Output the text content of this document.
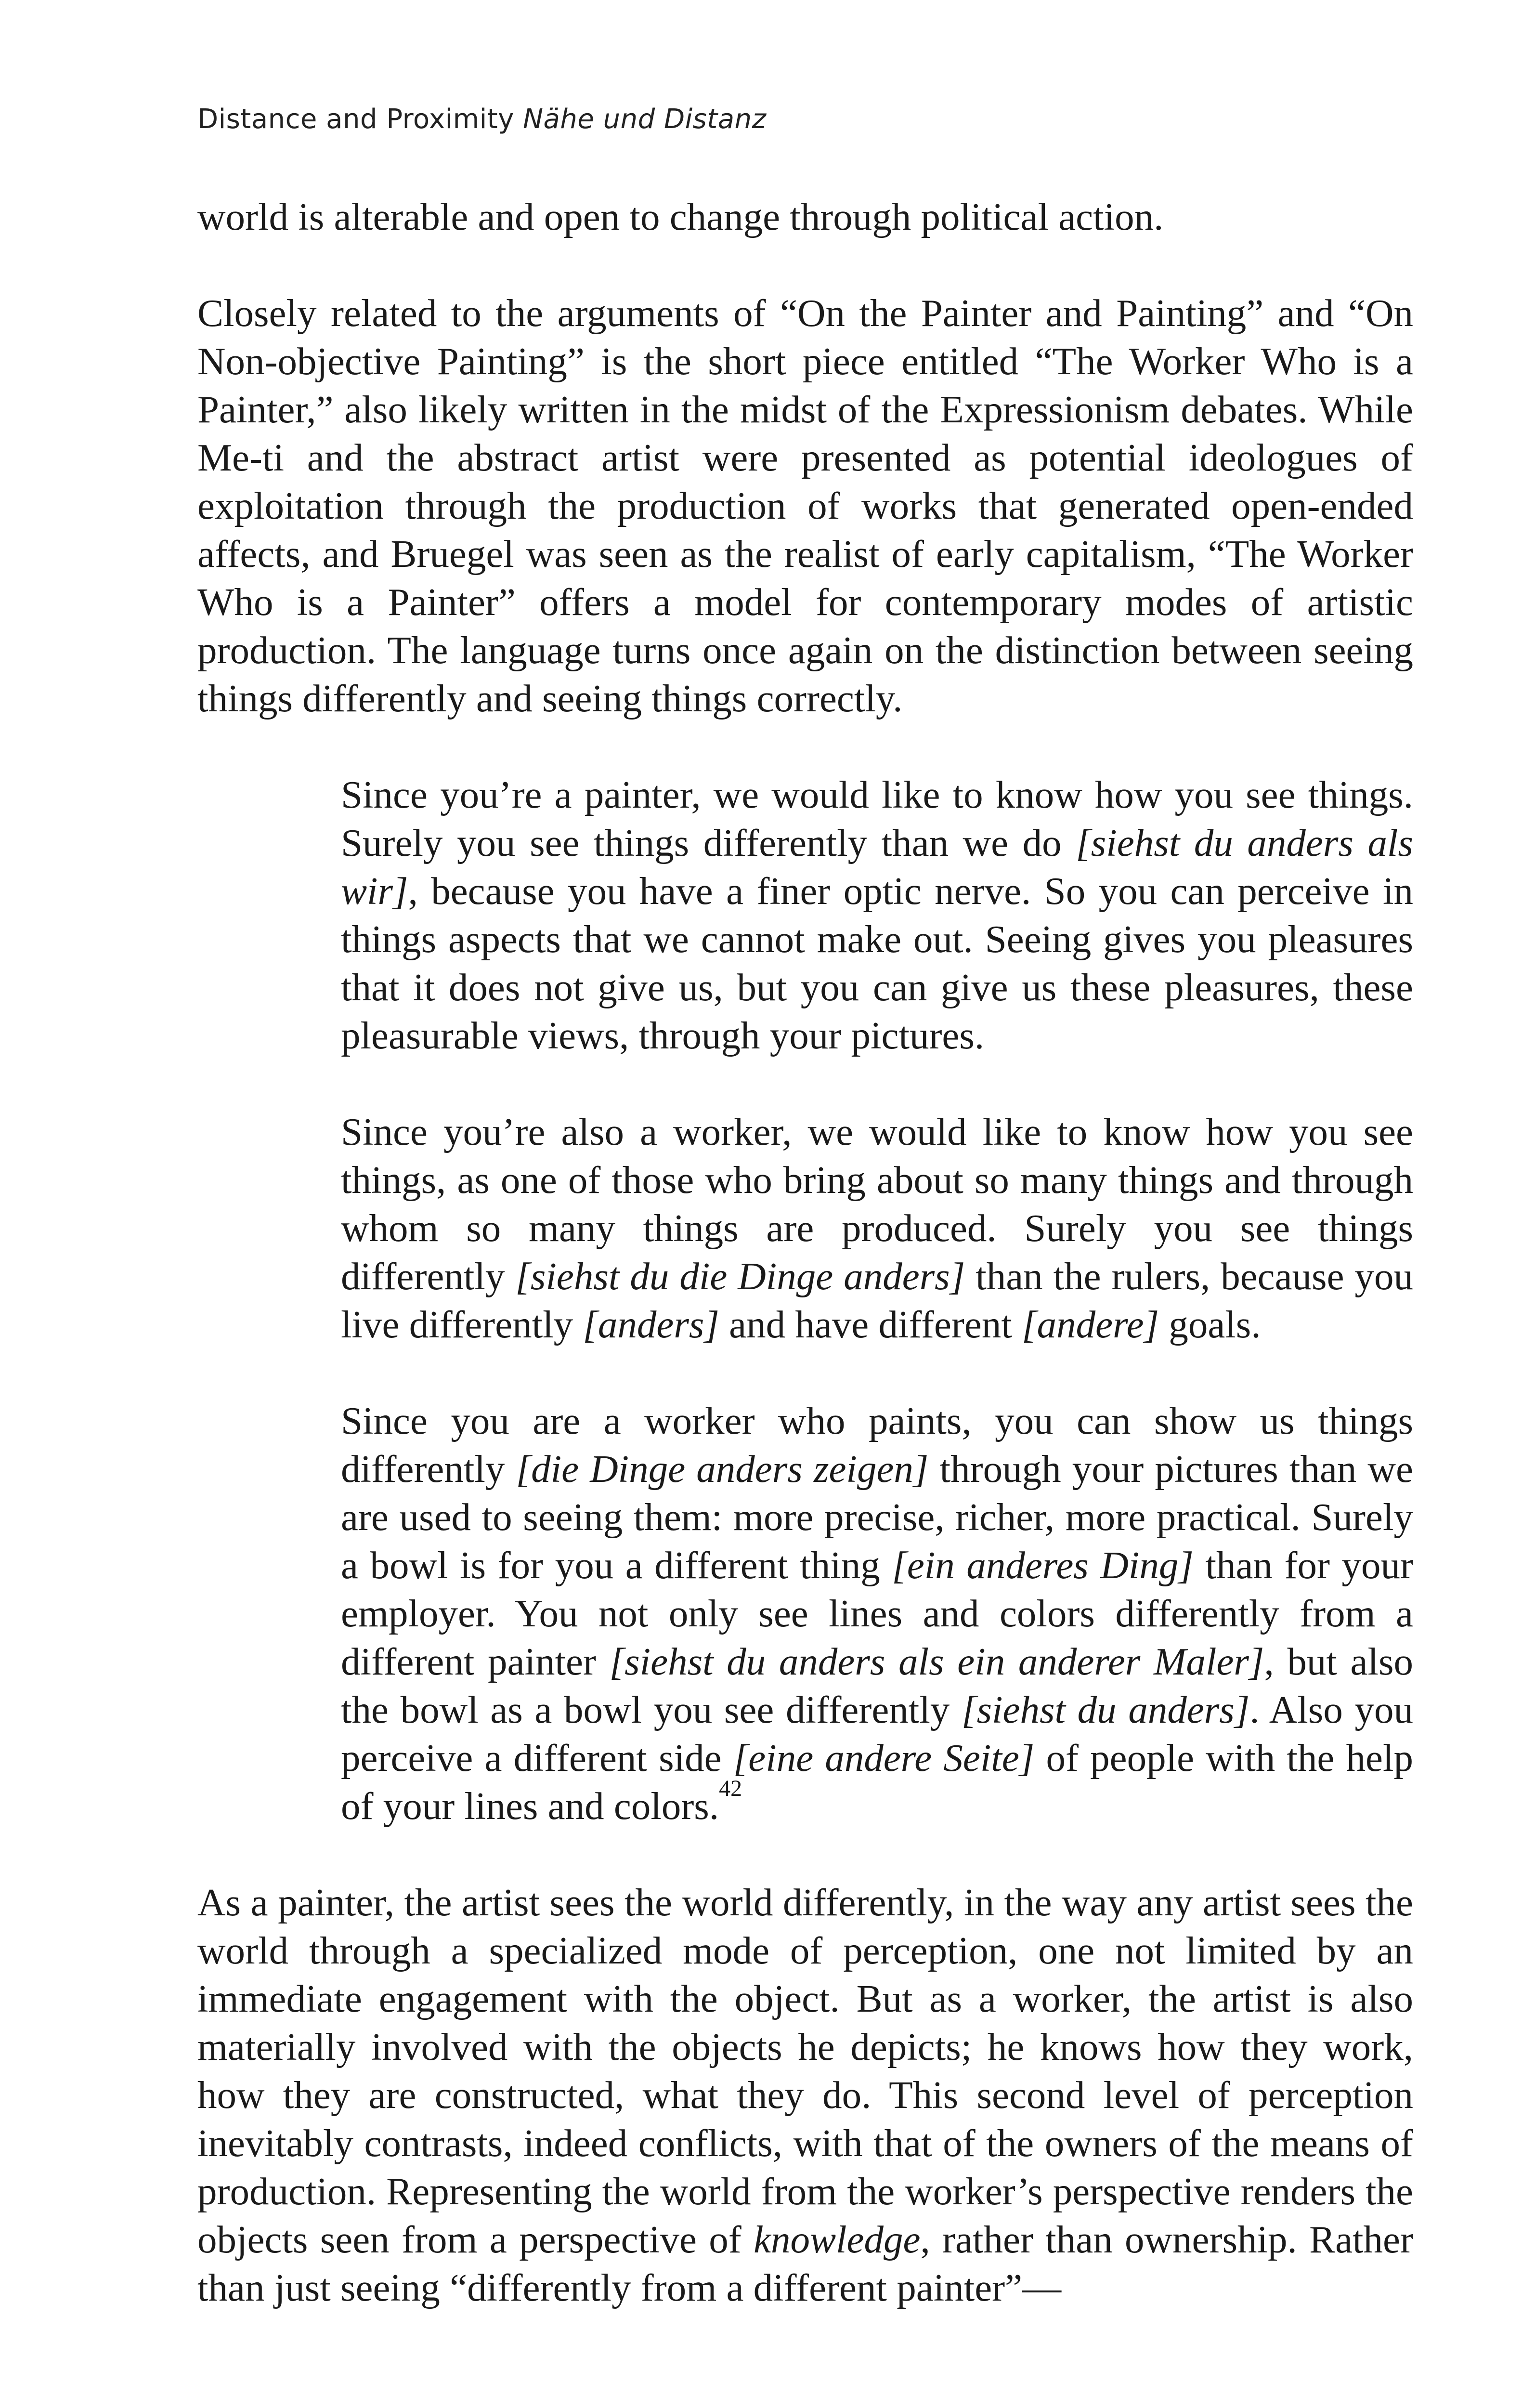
Distance and Proximity Nähe und Distanz

world is alterable and open to change through political action.

Closely related to the arguments of “On the Painter and Painting” and “On Non-objective Painting” is the short piece entitled “The Worker Who is a Painter,” also likely written in the midst of the Expressionism debates. While Me-ti and the abstract artist were presented as potential ideologues of exploitation through the production of works that generated open-ended affects, and Bruegel was seen as the realist of early capitalism, “The Worker Who is a Painter” offers a model for contemporary modes of artistic production. The language turns once again on the distinction between seeing things differently and seeing things correctly.

Since you’re a painter, we would like to know how you see things. Surely you see things differently than we do [siehst du anders als wir], because you have a finer optic nerve. So you can perceive in things aspects that we cannot make out. Seeing gives you pleasures that it does not give us, but you can give us these pleasures, these pleasurable views, through your pictures.

Since you’re also a worker, we would like to know how you see things, as one of those who bring about so many things and through whom so many things are produced. Surely you see things differently [siehst du die Dinge anders] than the rulers, because you live differently [anders] and have different [andere] goals.

Since you are a worker who paints, you can show us things differently [die Dinge anders zeigen] through your pictures than we are used to seeing them: more precise, richer, more practical. Surely a bowl is for you a different thing [ein anderes Ding] than for your employer. You not only see lines and colors differently from a different painter [siehst du anders als ein anderer Maler], but also the bowl as a bowl you see differently [siehst du anders]. Also you perceive a different side [eine andere Seite] of people with the help of your lines and colors.$^{42}$

As a painter, the artist sees the world differently, in the way any artist sees the world through a specialized mode of perception, one not limited by an immediate engagement with the object. But as a worker, the artist is also materially involved with the objects he depicts; he knows how they work, how they are constructed, what they do. This second level of perception inevitably contrasts, indeed conflicts, with that of the owners of the means of production. Representing the world from the worker’s perspective renders the objects seen from a perspective of knowledge, rather than ownership. Rather than just seeing “differently from a different painter”—
